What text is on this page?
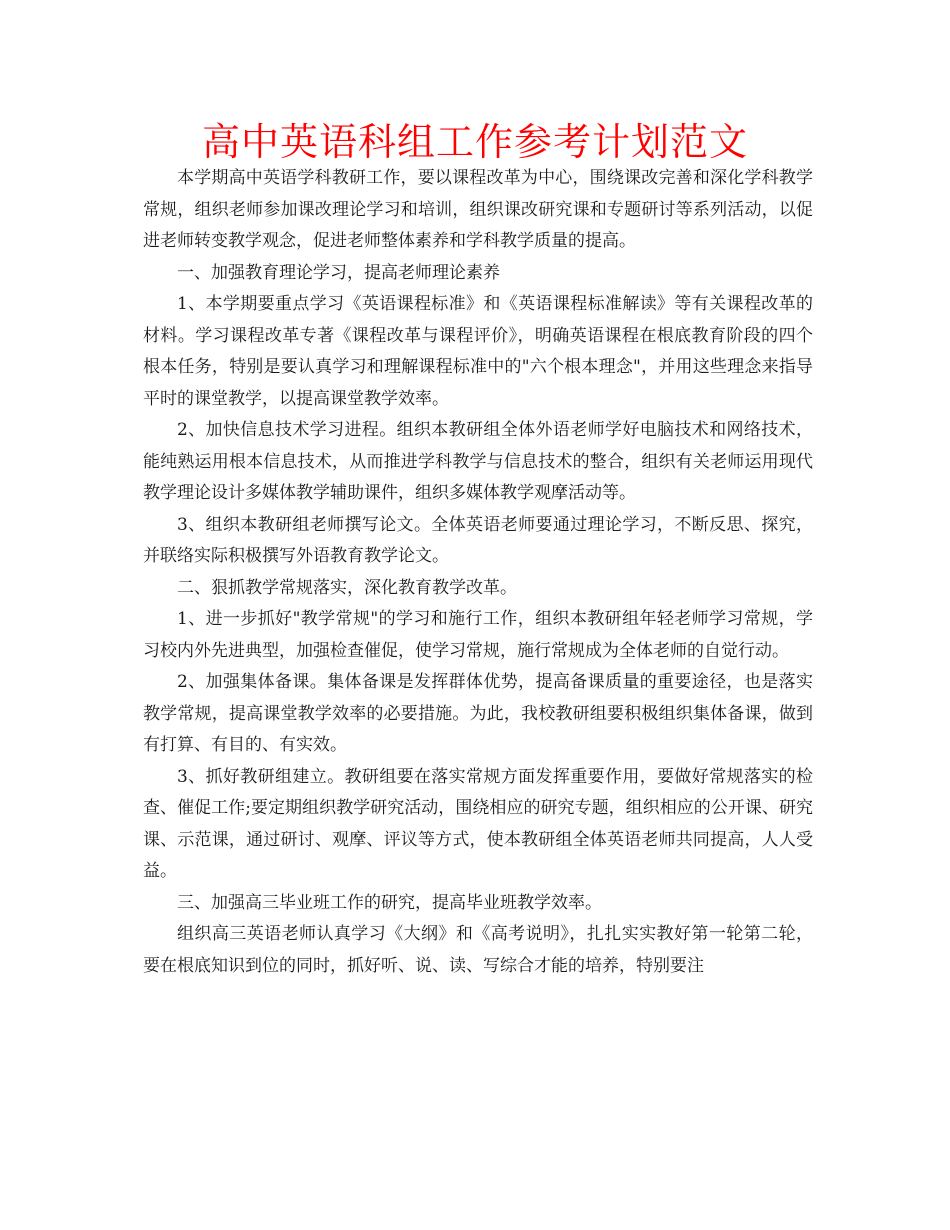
高中英语科组工作参考计划范文

本学期高中英语学科教研工作，要以课程改革为中心，围绕课改完善和深化学科教学常规，组织老师参加课改理论学习和培训，组织课改研究课和专题研讨等系列活动，以促进老师转变教学观念，促进老师整体素养和学科教学质量的提高。

一、加强教育理论学习，提高老师理论素养

1、本学期要重点学习《英语课程标准》和《英语课程标准解读》等有关课程改革的材料。学习课程改革专著《课程改革与课程评价》，明确英语课程在根底教育阶段的四个根本任务，特别是要认真学习和理解课程标准中的"六个根本理念"，并用这些理念来指导平时的课堂教学，以提高课堂教学效率。

2、加快信息技术学习进程。组织本教研组全体外语老师学好电脑技术和网络技术，能纯熟运用根本信息技术，从而推进学科教学与信息技术的整合，组织有关老师运用现代教学理论设计多媒体教学辅助课件，组织多媒体教学观摩活动等。

3、组织本教研组老师撰写论文。全体英语老师要通过理论学习，不断反思、探究，并联络实际积极撰写外语教育教学论文。

二、狠抓教学常规落实，深化教育教学改革。

1、进一步抓好"教学常规"的学习和施行工作，组织本教研组年轻老师学习常规，学习校内外先进典型，加强检查催促，使学习常规，施行常规成为全体老师的自觉行动。

2、加强集体备课。集体备课是发挥群体优势，提高备课质量的重要途径，也是落实教学常规，提高课堂教学效率的必要措施。为此，我校教研组要积极组织集体备课，做到有打算、有目的、有实效。

3、抓好教研组建立。教研组要在落实常规方面发挥重要作用，要做好常规落实的检查、催促工作;要定期组织教学研究活动，围绕相应的研究专题，组织相应的公开课、研究课、示范课，通过研讨、观摩、评议等方式，使本教研组全体英语老师共同提高，人人受益。

三、加强高三毕业班工作的研究，提高毕业班教学效率。

组织高三英语老师认真学习《大纲》和《高考说明》，扎扎实实教好第一轮第二轮，要在根底知识到位的同时，抓好听、说、读、写综合才能的培养，特别要注
